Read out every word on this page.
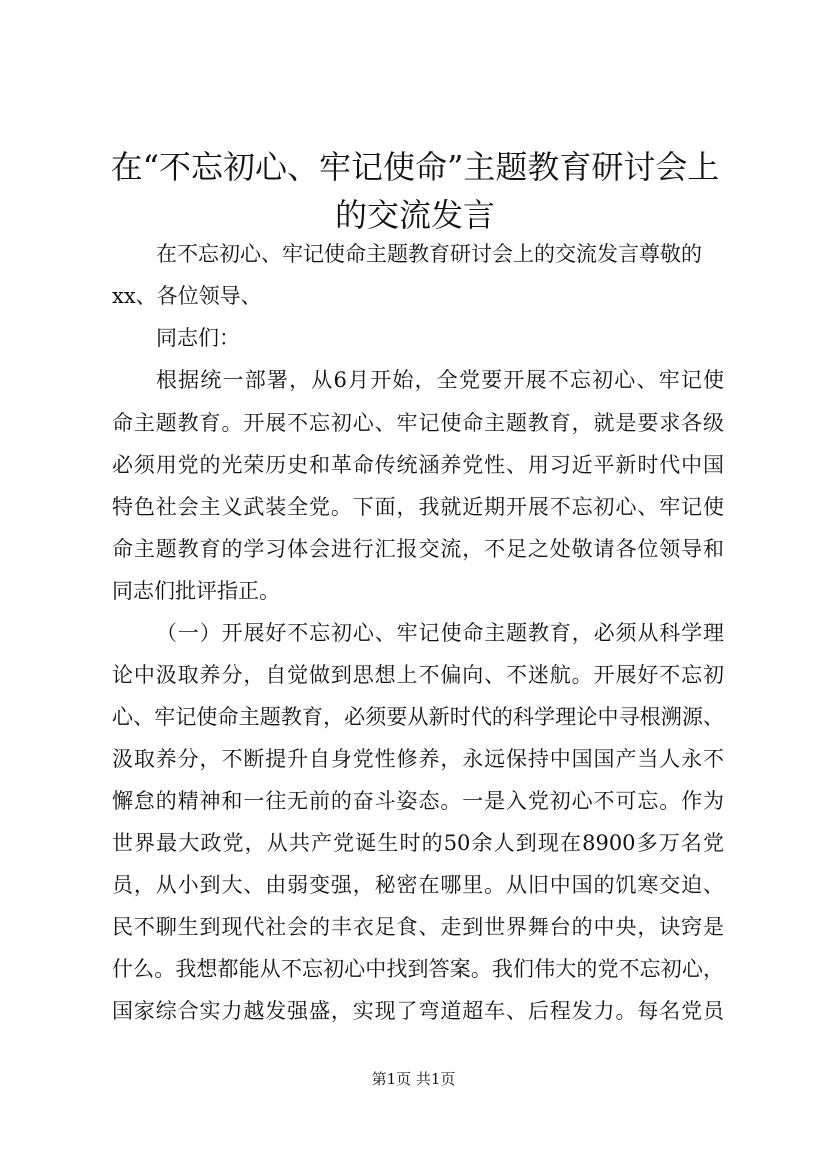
在“不忘初心、牢记使命”主题教育研讨会上
的交流发言

在不忘初心、牢记使命主题教育研讨会上的交流发言尊敬的

xx、各位领导、

同志们：

根据统一部署，从6月开始，全党要开展不忘初心、牢记使

命主题教育。开展不忘初心、牢记使命主题教育，就是要求各级

必须用党的光荣历史和革命传统涵养党性、用习近平新时代中国

特色社会主义武装全党。下面，我就近期开展不忘初心、牢记使

命主题教育的学习体会进行汇报交流，不足之处敬请各位领导和

同志们批评指正。

（一）开展好不忘初心、牢记使命主题教育，必须从科学理

论中汲取养分，自觉做到思想上不偏向、不迷航。开展好不忘初

心、牢记使命主题教育，必须要从新时代的科学理论中寻根溯源、

汲取养分，不断提升自身党性修养，永远保持中国国产当人永不

懈怠的精神和一往无前的奋斗姿态。一是入党初心不可忘。作为

世界最大政党，从共产党诞生时的50余人到现在8900多万名党

员，从小到大、由弱变强，秘密在哪里。从旧中国的饥寒交迫、

民不聊生到现代社会的丰衣足食、走到世界舞台的中央，诀窍是

什么。我想都能从不忘初心中找到答案。我们伟大的党不忘初心，

国家综合实力越发强盛，实现了弯道超车、后程发力。每名党员

第1页 共1页
